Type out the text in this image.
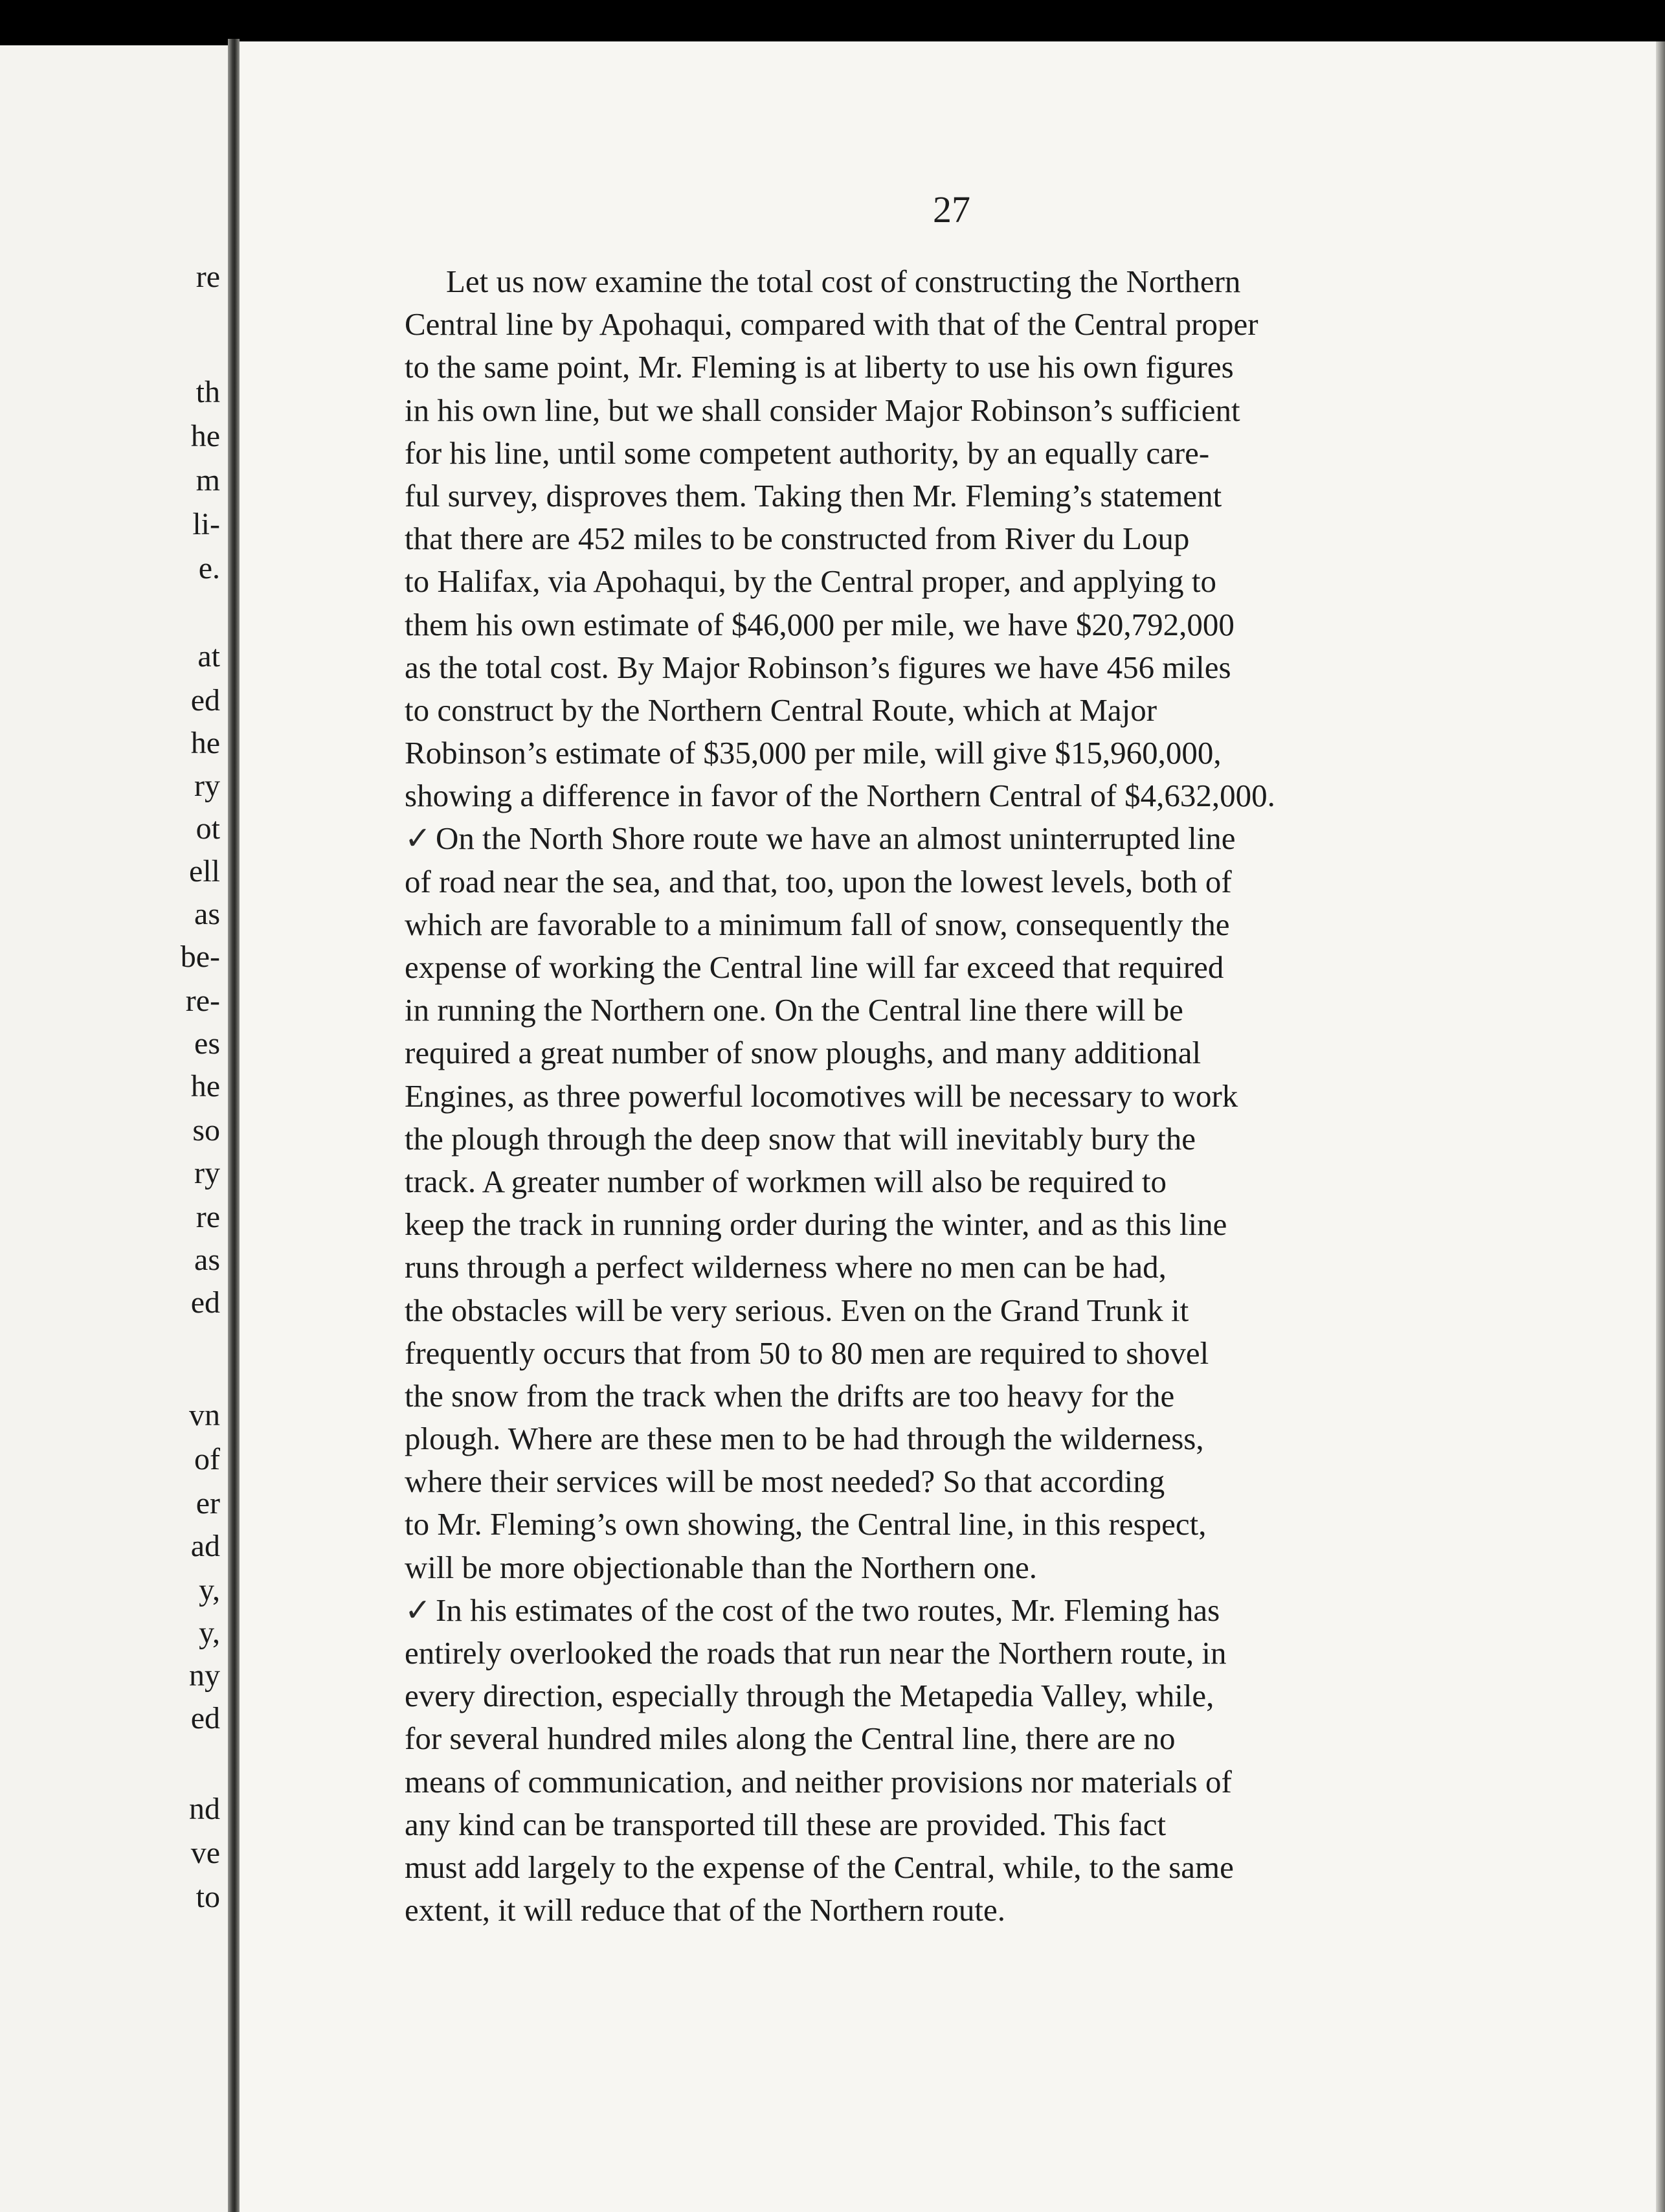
re
th
he
m
li-
e.
at
ed
he
ry
ot
ell
as
be-
re-
es
he
so
ry
re
as
ed
vn
of
er
ad
y,
y,
ny
ed
nd
ve
to
27
Let us now examine the total cost of constructing the Northern
Central line by Apohaqui, compared with that of the Central proper
to the same point, Mr. Fleming is at liberty to use his own figures
in his own line, but we shall consider Major Robinson’s sufficient
for his line, until some competent authority, by an equally care-
ful survey, disproves them. Taking then Mr. Fleming’s statement
that there are 452 miles to be constructed from River du Loup
to Halifax, via Apohaqui, by the Central proper, and applying to
them his own estimate of $46,000 per mile, we have $20,792,000
as the total cost. By Major Robinson’s figures we have 456 miles
to construct by the Northern Central Route, which at Major
Robinson’s estimate of $35,000 per mile, will give $15,960,000,
showing a difference in favor of the Northern Central of $4,632,000.
✓ On the North Shore route we have an almost uninterrupted line
of road near the sea, and that, too, upon the lowest levels, both of
which are favorable to a minimum fall of snow, consequently the
expense of working the Central line will far exceed that required
in running the Northern one. On the Central line there will be
required a great number of snow ploughs, and many additional
Engines, as three powerful locomotives will be necessary to work
the plough through the deep snow that will inevitably bury the
track. A greater number of workmen will also be required to
keep the track in running order during the winter, and as this line
runs through a perfect wilderness where no men can be had,
the obstacles will be very serious. Even on the Grand Trunk it
frequently occurs that from 50 to 80 men are required to shovel
the snow from the track when the drifts are too heavy for the
plough. Where are these men to be had through the wilderness,
where their services will be most needed? So that according
to Mr. Fleming’s own showing, the Central line, in this respect,
will be more objectionable than the Northern one.
✓ In his estimates of the cost of the two routes, Mr. Fleming has
entirely overlooked the roads that run near the Northern route, in
every direction, especially through the Metapedia Valley, while,
for several hundred miles along the Central line, there are no
means of communication, and neither provisions nor materials of
any kind can be transported till these are provided. This fact
must add largely to the expense of the Central, while, to the same
extent, it will reduce that of the Northern route.
